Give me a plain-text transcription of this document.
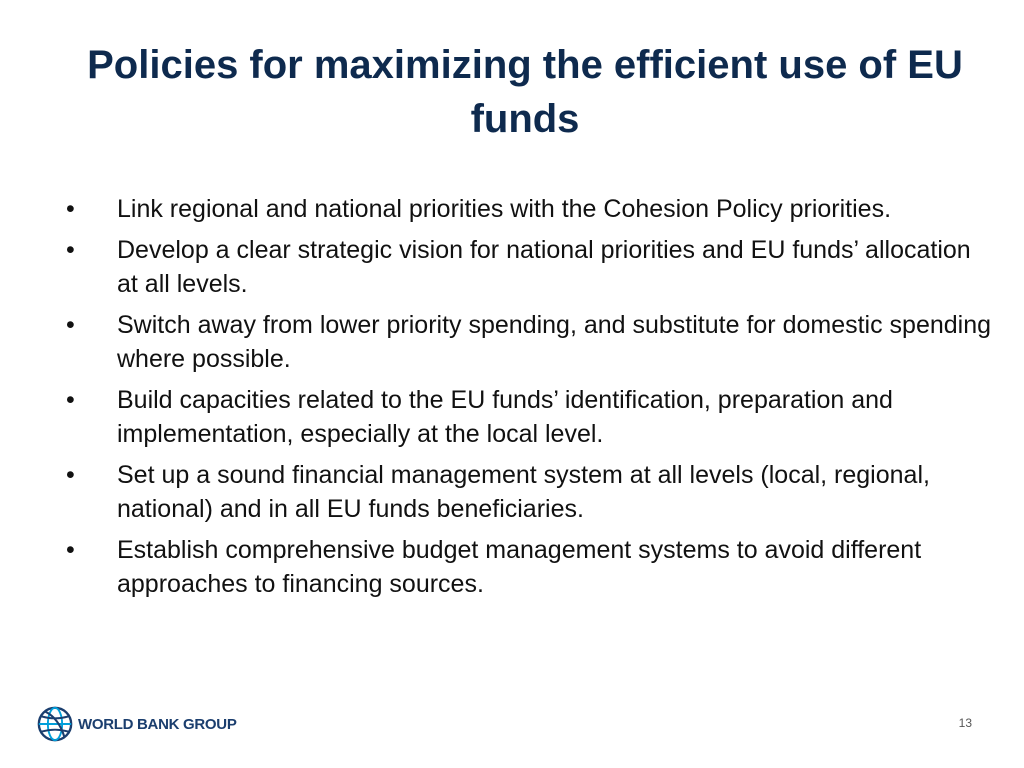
Policies for maximizing the efficient use of EU funds
•	Link regional and national priorities with the Cohesion Policy priorities.
•	Develop a clear strategic vision for national priorities and EU funds’ allocation at all levels.
•	Switch away from lower priority spending, and substitute for domestic spending where possible.
•	Build capacities related to the EU funds’ identification, preparation and implementation, especially at the local level.
•	Set up a sound financial management system at all levels (local, regional, national) and in all EU funds beneficiaries.
•	Establish comprehensive budget management systems to avoid different approaches to financing sources.
WORLD BANK GROUP	13
